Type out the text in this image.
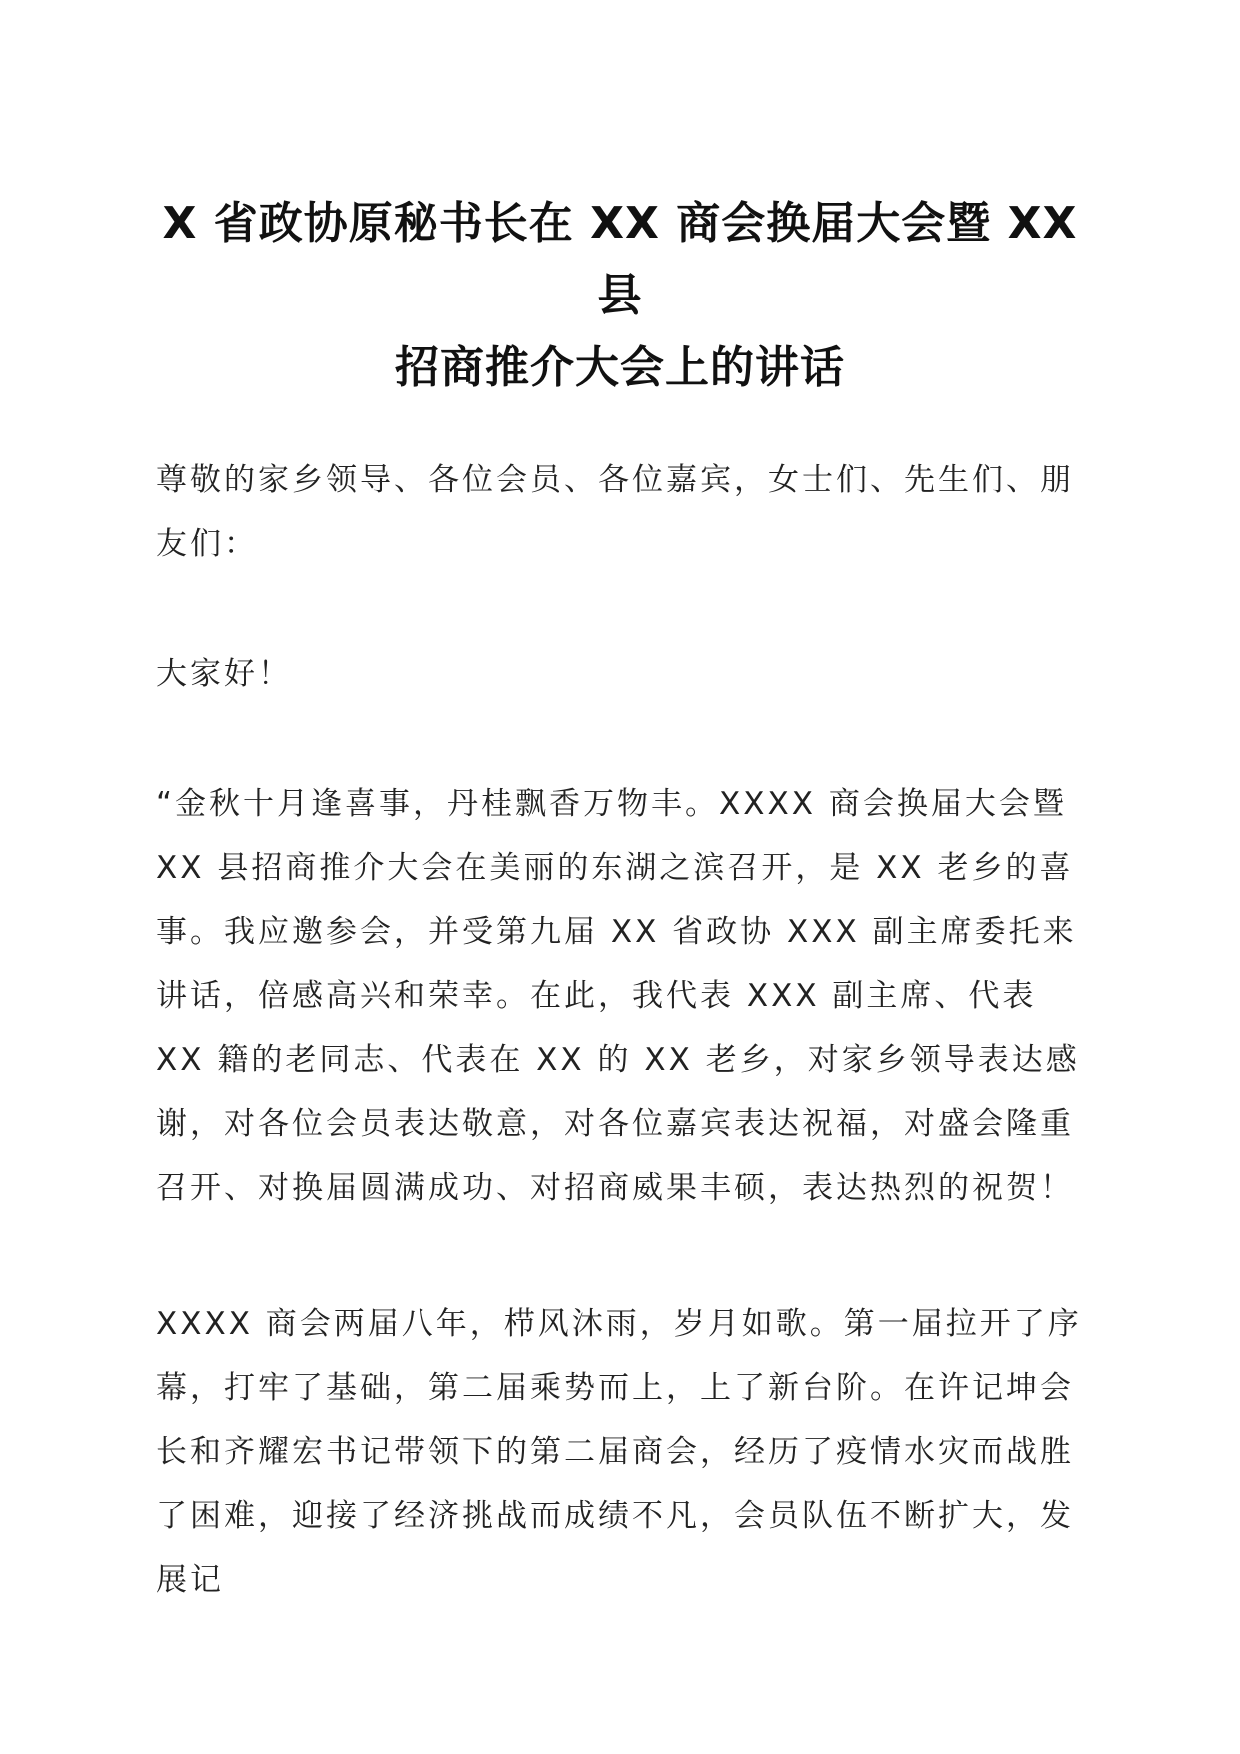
X 省政协原秘书长在 XX 商会换届大会暨 XX 县
招商推介大会上的讲话

尊敬的家乡领导、各位会员、各位嘉宾，女士们、先生们、朋友们：

大家好！

“金秋十月逢喜事，丹桂飘香万物丰。XXXX 商会换届大会暨 XX 县招商推介大会在美丽的东湖之滨召开，是 XX 老乡的喜事。我应邀参会，并受第九届 XX 省政协 XXX 副主席委托来讲话，倍感高兴和荣幸。在此，我代表 XXX 副主席、代表 XX 籍的老同志、代表在 XX 的 XX 老乡，对家乡领导表达感谢，对各位会员表达敬意，对各位嘉宾表达祝福，对盛会隆重召开、对换届圆满成功、对招商威果丰硕，表达热烈的祝贺！

XXXX 商会两届八年，栉风沐雨，岁月如歌。第一届拉开了序幕，打牢了基础，第二届乘势而上，上了新台阶。在许记坤会长和齐耀宏书记带领下的第二届商会，经历了疫情水灾而战胜了困难，迎接了经济挑战而成绩不凡，会员队伍不断扩大，发展记
